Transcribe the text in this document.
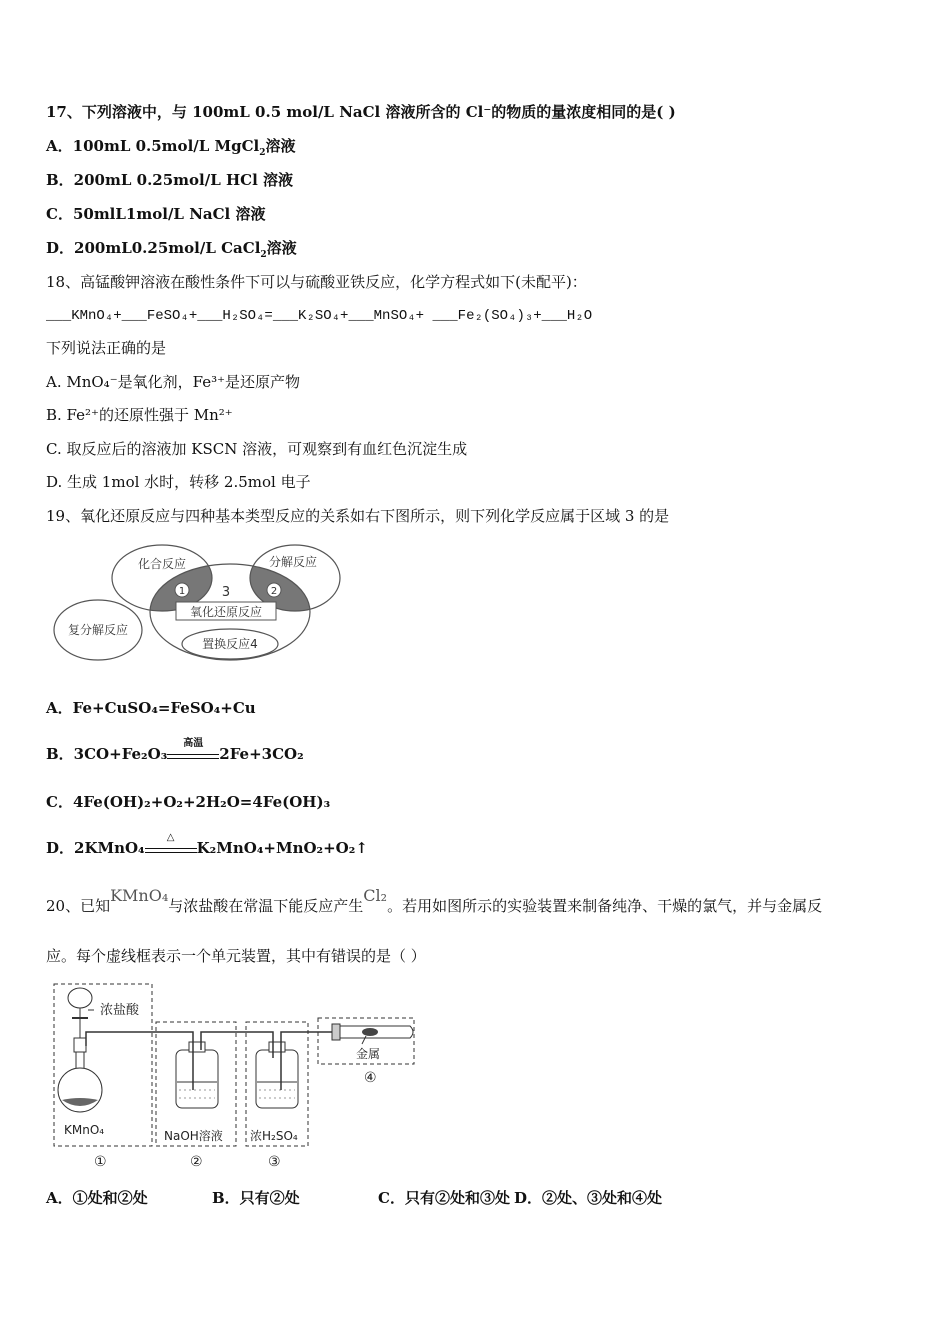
17、下列溶液中，与 100mL 0.5 mol/L NaCl 溶液所含的 Cl⁻的物质的量浓度相同的是( )
A．100mL 0.5mol/L MgCl$_2$溶液
B．200mL 0.25mol/L HCl 溶液
C．50mlL1mol/L NaCl 溶液
D．200mL0.25mol/L CaCl$_2$溶液
18、高锰酸钾溶液在酸性条件下可以与硫酸亚铁反应，化学方程式如下(未配平)：
___KMnO₄+___FeSO₄+___H₂SO₄=___K₂SO₄+___MnSO₄+ ___Fe₂(SO₄)₃+___H₂O
下列说法正确的是
A. MnO₄⁻是氧化剂，Fe³⁺是还原产物
B. Fe²⁺的还原性强于 Mn²⁺
C. 取反应后的溶液加 KSCN 溶液，可观察到有血红色沉淀生成
D. 生成 1mol 水时，转移 2.5mol 电子
19、氧化还原反应与四种基本类型反应的关系如右下图所示，则下列化学反应属于区域 3 的是
化合反应	分解反应
3
1	2
氧化还原反应
复分解反应
置换反应4
A．Fe+CuSO₄=FeSO₄+Cu
B．3CO+Fe₂O₃
高温
2Fe+3CO₂
C．4Fe(OH)₂+O₂+2H₂O=4Fe(OH)₃
D．2KMnO₄
△
K₂MnO₄+MnO₂+O₂↑
20、已知KMnO₄与浓盐酸在常温下能反应产生Cl₂。若用如图所示的实验装置来制备纯净、干燥的氯气，并与金属反
应。每个虚线框表示一个单元装置，其中有错误的是（ ）
浓盐酸
KMnO₄	NaOH溶液 浓H₂SO₄
金属
①	②	③
④
A．①处和②处	B．只有②处	C．只有②处和③处 D．②处、③处和④处
